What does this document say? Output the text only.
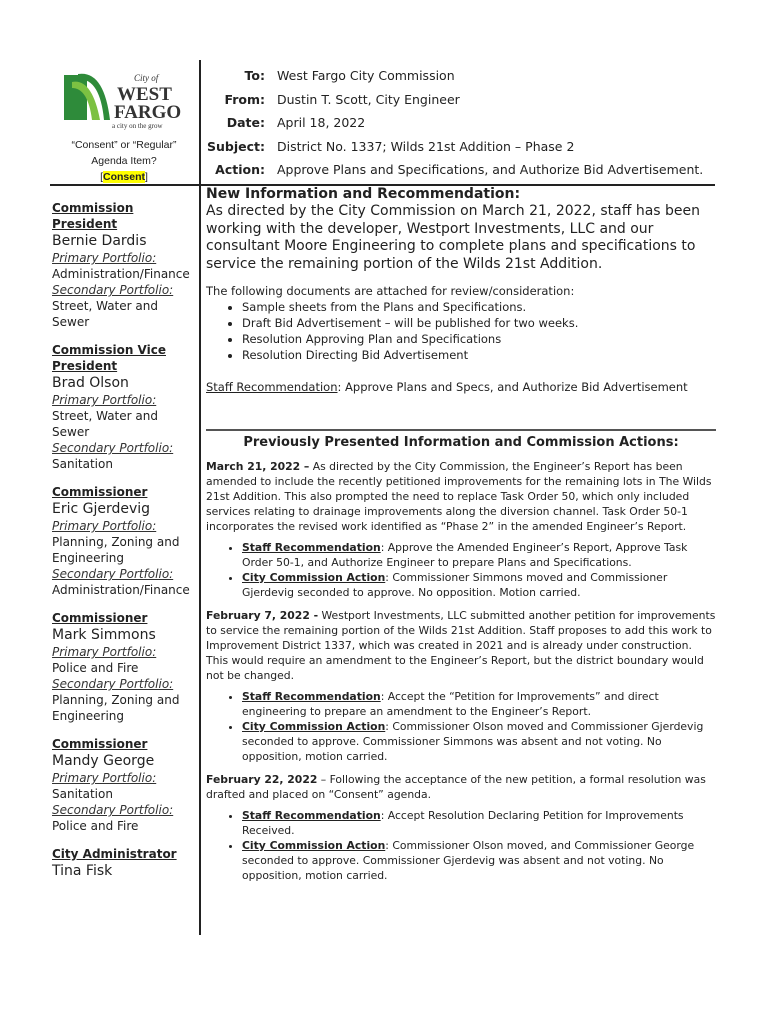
City of
WEST
FARGO
a city on the grow
“Consent” or “Regular”
Agenda Item?
[Consent]
Commission President
Bernie Dardis
Primary Portfolio:
Administration/Finance
Secondary Portfolio:
Street, Water and Sewer
Commission Vice President
Brad Olson
Primary Portfolio:
Street, Water and Sewer
Secondary Portfolio:
Sanitation
Commissioner
Eric Gjerdevig
Primary Portfolio:
Planning, Zoning and Engineering
Secondary Portfolio:
Administration/Finance
Commissioner
Mark Simmons
Primary Portfolio:
Police and Fire
Secondary Portfolio:
Planning, Zoning and Engineering
Commissioner
Mandy George
Primary Portfolio:
Sanitation
Secondary Portfolio:
Police and Fire
City Administrator
Tina Fisk
To: West Fargo City Commission
From: Dustin T. Scott, City Engineer
Date: April 18, 2022
Subject: District No. 1337; Wilds 21st Addition – Phase 2
Action: Approve Plans and Specifications, and Authorize Bid Advertisement.
New Information and Recommendation:

As directed by the City Commission on March 21, 2022, staff has been working with the developer, Westport Investments, LLC and our consultant Moore Engineering to complete plans and specifications to service the remaining portion of the Wilds 21st Addition.

The following documents are attached for review/consideration:

• Sample sheets from the Plans and Specifications.
• Draft Bid Advertisement – will be published for two weeks.
• Resolution Approving Plan and Specifications
• Resolution Directing Bid Advertisement

Staff Recommendation: Approve Plans and Specs, and Authorize Bid Advertisement

Previously Presented Information and Commission Actions:

March 21, 2022 – As directed by the City Commission, the Engineer’s Report has been amended to include the recently petitioned improvements for the remaining lots in The Wilds 21st Addition. This also prompted the need to replace Task Order 50, which only included services relating to drainage improvements along the diversion channel. Task Order 50-1 incorporates the revised work identified as “Phase 2” in the amended Engineer’s Report.

• Staff Recommendation: Approve the Amended Engineer’s Report, Approve Task Order 50-1, and Authorize Engineer to prepare Plans and Specifications.
• City Commission Action: Commissioner Simmons moved and Commissioner Gjerdevig seconded to approve. No opposition. Motion carried.

February 7, 2022 - Westport Investments, LLC submitted another petition for improvements to service the remaining portion of the Wilds 21st Addition. Staff proposes to add this work to Improvement District 1337, which was created in 2021 and is already under construction. This would require an amendment to the Engineer’s Report, but the district boundary would not be changed.

• Staff Recommendation: Accept the “Petition for Improvements” and direct engineering to prepare an amendment to the Engineer’s Report.
• City Commission Action: Commissioner Olson moved and Commissioner Gjerdevig seconded to approve. Commissioner Simmons was absent and not voting. No opposition, motion carried.

February 22, 2022 – Following the acceptance of the new petition, a formal resolution was drafted and placed on “Consent” agenda.

• Staff Recommendation: Accept Resolution Declaring Petition for Improvements Received.
• City Commission Action: Commissioner Olson moved, and Commissioner George seconded to approve. Commissioner Gjerdevig was absent and not voting. No opposition, motion carried.
